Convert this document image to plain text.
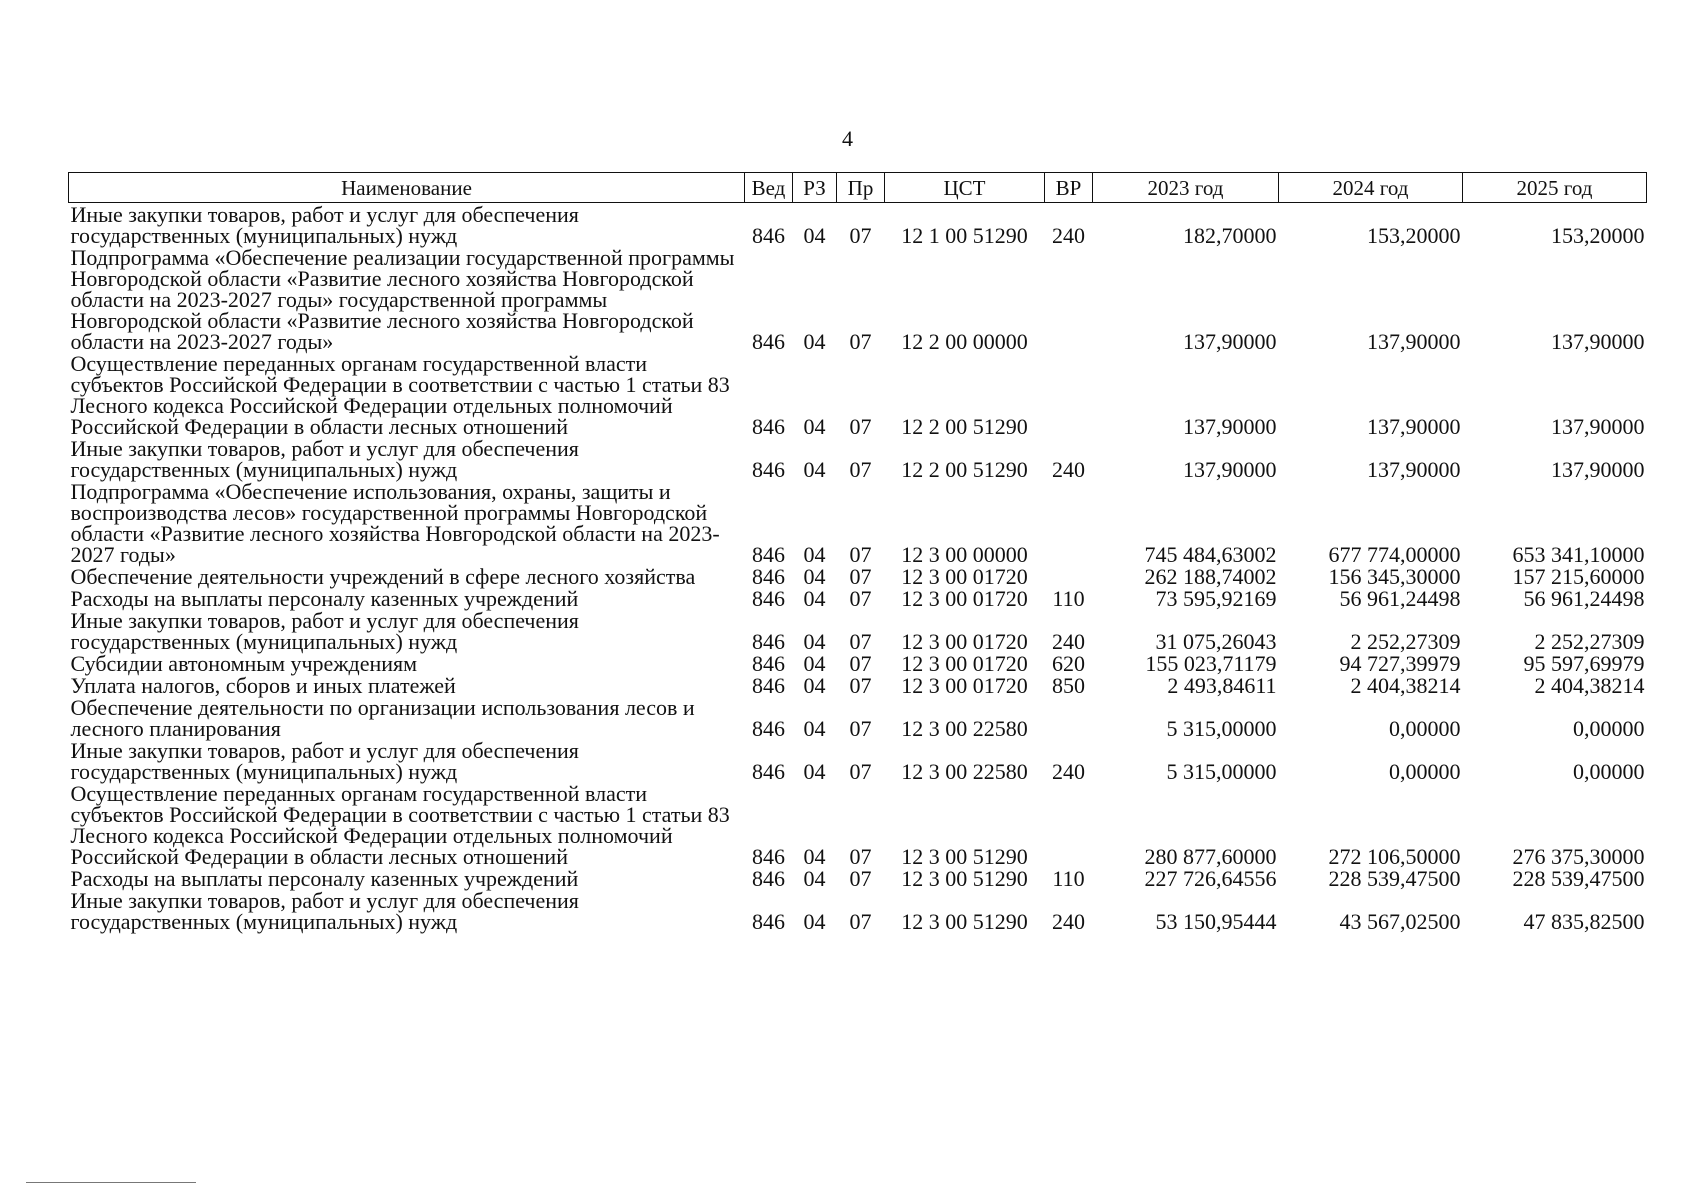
4
Наименование	Вед	РЗ	Пр	ЦСТ	ВР	2023 год	2024 год	2025 год
Иные закупки товаров, работ и услуг для обеспечения государственных (муниципальных) нужд	846	04	07	12 1 00 51290	240	182,70000	153,20000	153,20000
Подпрограмма «Обеспечение реализации государственной программы Новгородской области «Развитие лесного хозяйства Новгородской области на 2023-2027 годы» государственной программы Новгородской области «Развитие лесного хозяйства Новгородской области на 2023-2027 годы»	846	04	07	12 2 00 00000		137,90000	137,90000	137,90000
Осуществление переданных органам государственной власти субъектов Российской Федерации в соответствии с частью 1 статьи 83 Лесного кодекса Российской Федерации отдельных полномочий Российской Федерации в области лесных отношений	846	04	07	12 2 00 51290		137,90000	137,90000	137,90000
Иные закупки товаров, работ и услуг для обеспечения государственных (муниципальных) нужд	846	04	07	12 2 00 51290	240	137,90000	137,90000	137,90000
Подпрограмма «Обеспечение использования, охраны, защиты и воспроизводства лесов» государственной программы Новгородской области «Развитие лесного хозяйства Новгородской области на 2023-2027 годы»	846	04	07	12 3 00 00000		745 484,63002	677 774,00000	653 341,10000
Обеспечение деятельности учреждений в сфере лесного хозяйства	846	04	07	12 3 00 01720		262 188,74002	156 345,30000	157 215,60000
Расходы на выплаты персоналу казенных учреждений	846	04	07	12 3 00 01720	110	73 595,92169	56 961,24498	56 961,24498
Иные закупки товаров, работ и услуг для обеспечения государственных (муниципальных) нужд	846	04	07	12 3 00 01720	240	31 075,26043	2 252,27309	2 252,27309
Субсидии автономным учреждениям	846	04	07	12 3 00 01720	620	155 023,71179	94 727,39979	95 597,69979
Уплата налогов, сборов и иных платежей	846	04	07	12 3 00 01720	850	2 493,84611	2 404,38214	2 404,38214
Обеспечение деятельности по организации использования лесов и лесного планирования	846	04	07	12 3 00 22580		5 315,00000	0,00000	0,00000
Иные закупки товаров, работ и услуг для обеспечения государственных (муниципальных) нужд	846	04	07	12 3 00 22580	240	5 315,00000	0,00000	0,00000
Осуществление переданных органам государственной власти субъектов Российской Федерации в соответствии с частью 1 статьи 83 Лесного кодекса Российской Федерации отдельных полномочий Российской Федерации в области лесных отношений	846	04	07	12 3 00 51290		280 877,60000	272 106,50000	276 375,30000
Расходы на выплаты персоналу казенных учреждений	846	04	07	12 3 00 51290	110	227 726,64556	228 539,47500	228 539,47500
Иные закупки товаров, работ и услуг для обеспечения государственных (муниципальных) нужд	846	04	07	12 3 00 51290	240	53 150,95444	43 567,02500	47 835,82500
